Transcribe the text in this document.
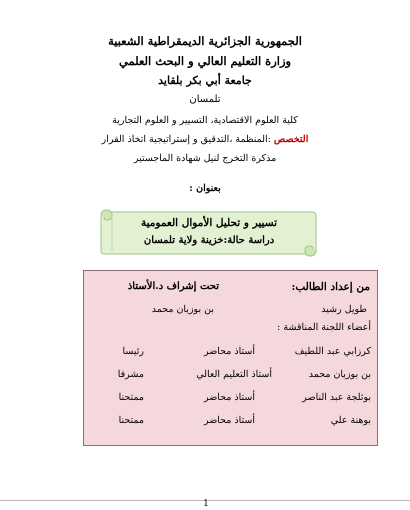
الجمهورية الجزائرية الديمقراطية الشعبية
وزارة التعليم العالي و البحث العلمي
جامعة أبي بكر بلقايد
تلمسان
كلية العلوم الاقتصادية، التسيير و العلوم التجارية
التخصص :المنظمة ،التدقيق و إستراتيجية اتخاذ القرار
مذكرة التخرج لنيل شهادة الماجستير
بعنوان :
تسيير و تحليل الأموال العمومية
دراسة حالة:خزينة ولاية تلمسان
من إعداد الطالب:
تحت إشراف د.الأستاذ
طويل رشيد
بن بوزيان محمد
أعضاء اللجنة المناقشة :
كرزابي عبد اللطيف
أستاذ محاضر
رئيسا
بن بوزيان محمد
أستاذ التعليم العالي
مشرفا
بوثلجة عبد الناصر
أستاذ محاضر
ممتحنا
بوهنة علي
أستاذ محاضر
ممتحنا
1
